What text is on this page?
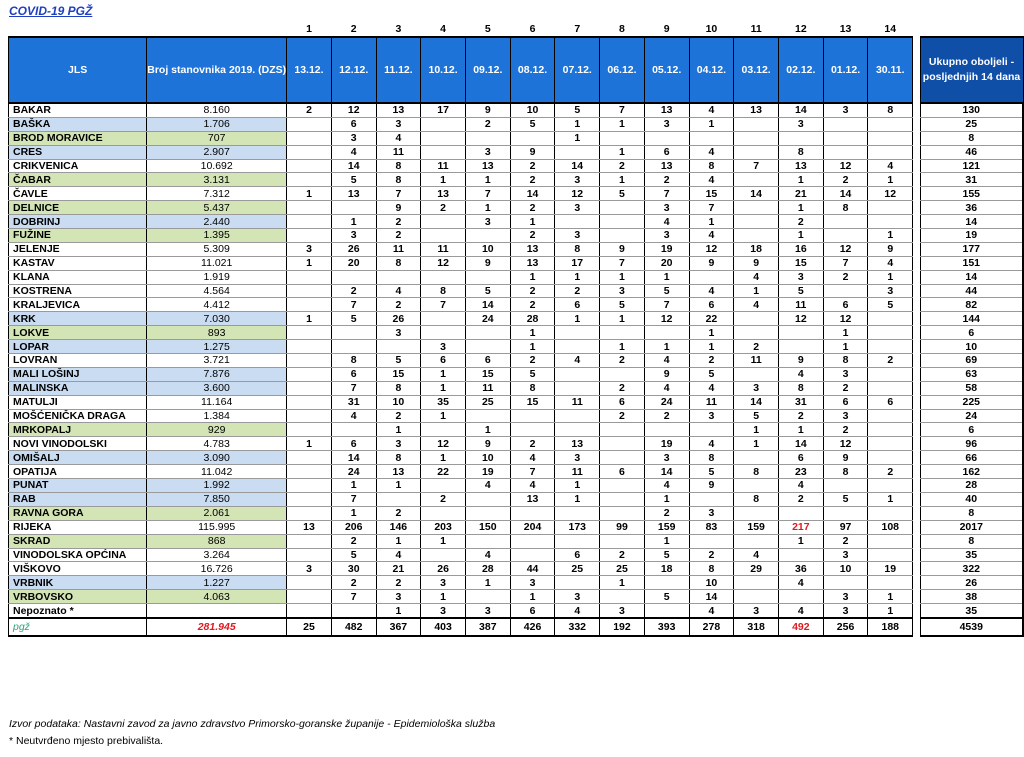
COVID-19 PGŽ
		1	2	3	4	5	6	7	8	9	10	11	12	13	14		
JLS	Broj stanovnika 2019. (DZS)	13.12.	12.12.	11.12.	10.12.	09.12.	08.12.	07.12.	06.12.	05.12.	04.12.	03.12.	02.12.	01.12.	30.11.		Ukupno oboljeli - posljednjih 14 dana
BAKAR	8.160	2	12	13	17	9	10	5	7	13	4	13	14	3	8		130
BAŠKA	1.706		6	3		2	5	1	1	3	1		3				25
BROD MORAVICE	707		3	4				1									8
CRES	2.907		4	11		3	9		1	6	4		8				46
CRIKVENICA	10.692		14	8	11	13	2	14	2	13	8	7	13	12	4		121
ČABAR	3.131		5	8	1	1	2	3	1	2	4		1	2	1		31
ČAVLE	7.312	1	13	7	13	7	14	12	5	7	15	14	21	14	12		155
DELNICE	5.437			9	2	1	2	3		3	7		1	8			36
DOBRINJ	2.440		1	2		3	1			4	1		2				14
FUŽINE	1.395		3	2			2	3		3	4		1		1		19
JELENJE	5.309	3	26	11	11	10	13	8	9	19	12	18	16	12	9		177
KASTAV	11.021	1	20	8	12	9	13	17	7	20	9	9	15	7	4		151
KLANA	1.919						1	1	1	1		4	3	2	1		14
KOSTRENA	4.564		2	4	8	5	2	2	3	5	4	1	5		3		44
KRALJEVICA	4.412		7	2	7	14	2	6	5	7	6	4	11	6	5		82
KRK	7.030	1	5	26		24	28	1	1	12	22		12	12			144
LOKVE	893			3			1				1			1			6
LOPAR	1.275				3		1		1	1	1	2		1			10
LOVRAN	3.721		8	5	6	6	2	4	2	4	2	11	9	8	2		69
MALI LOŠINJ	7.876		6	15	1	15	5			9	5		4	3			63
MALINSKA	3.600		7	8	1	11	8		2	4	4	3	8	2			58
MATULJI	11.164		31	10	35	25	15	11	6	24	11	14	31	6	6		225
MOŠĆENIČKA DRAGA	1.384		4	2	1				2	2	3	5	2	3			24
MRKOPALJ	929			1		1						1	1	2			6
NOVI VINODOLSKI	4.783	1	6	3	12	9	2	13		19	4	1	14	12			96
OMIŠALJ	3.090		14	8	1	10	4	3		3	8		6	9			66
OPATIJA	11.042		24	13	22	19	7	11	6	14	5	8	23	8	2		162
PUNAT	1.992		1	1		4	4	1		4	9		4				28
RAB	7.850		7		2		13	1		1		8	2	5	1		40
RAVNA GORA	2.061		1	2						2	3						8
RIJEKA	115.995	13	206	146	203	150	204	173	99	159	83	159	217	97	108		2017
SKRAD	868		2	1	1					1			1	2			8
VINODOLSKA OPĆINA	3.264		5	4		4		6	2	5	2	4		3			35
VIŠKOVO	16.726	3	30	21	26	28	44	25	25	18	8	29	36	10	19		322
VRBNIK	1.227		2	2	3	1	3		1		10		4				26
VRBOVSKO	4.063		7	3	1		1	3		5	14			3	1		38
Nepoznato *				1	3	3	6	4	3		4	3	4	3	1		35
pgž	281.945	25	482	367	403	387	426	332	192	393	278	318	492	256	188		4539
Izvor podataka: Nastavni zavod za javno zdravstvo Primorsko-goranske županije - Epidemiološka služba
* Neutvrđeno mjesto prebivališta.
